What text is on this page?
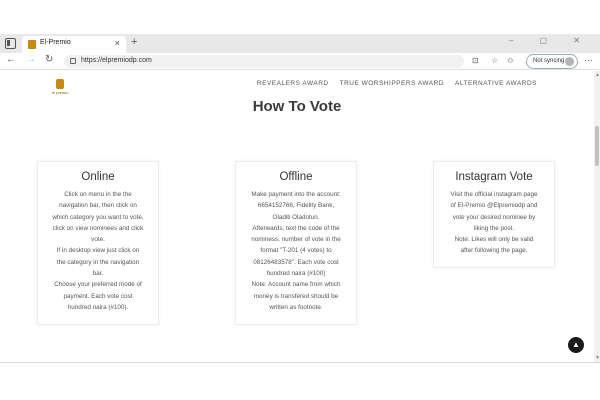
El-Premio	× +	– ▢ ✕
← → ↻	https://elpremiodp.com	⊡ ☆ ✩	Not syncing ···
el premio
REVEALERS AWARD TRUE WORSHIPPERS AWARD ALTERNATIVE AWARDS
How To Vote
Online
Click on menu in the the
navigation bar, then click on
which category you want to vote,
click on view nominees and click
vote.
If in desktop view just click on
the category in the navigation
bar.
Choose your preferred mode of
payment. Each vote cost
hundred naira (#100).
Offline
Make payment into the account:
6654152766, Fidelity Bank,
Oladiti Oladotun.
Afterwards; text the code of the
nominess, number of vote in the
format "T-201 (4 votes) to
08126483578". Each vote cost
hundred naira (#100)
Note: Account name from which
money is transfered should be
written as footnote.
Instagram Vote
Visit the official instagram page
of El-Premio @Elpremiodp and
vote your desired nominee by
liking the post.
Note: Likes will only be valid
after following the page.
▲
▲
▼
